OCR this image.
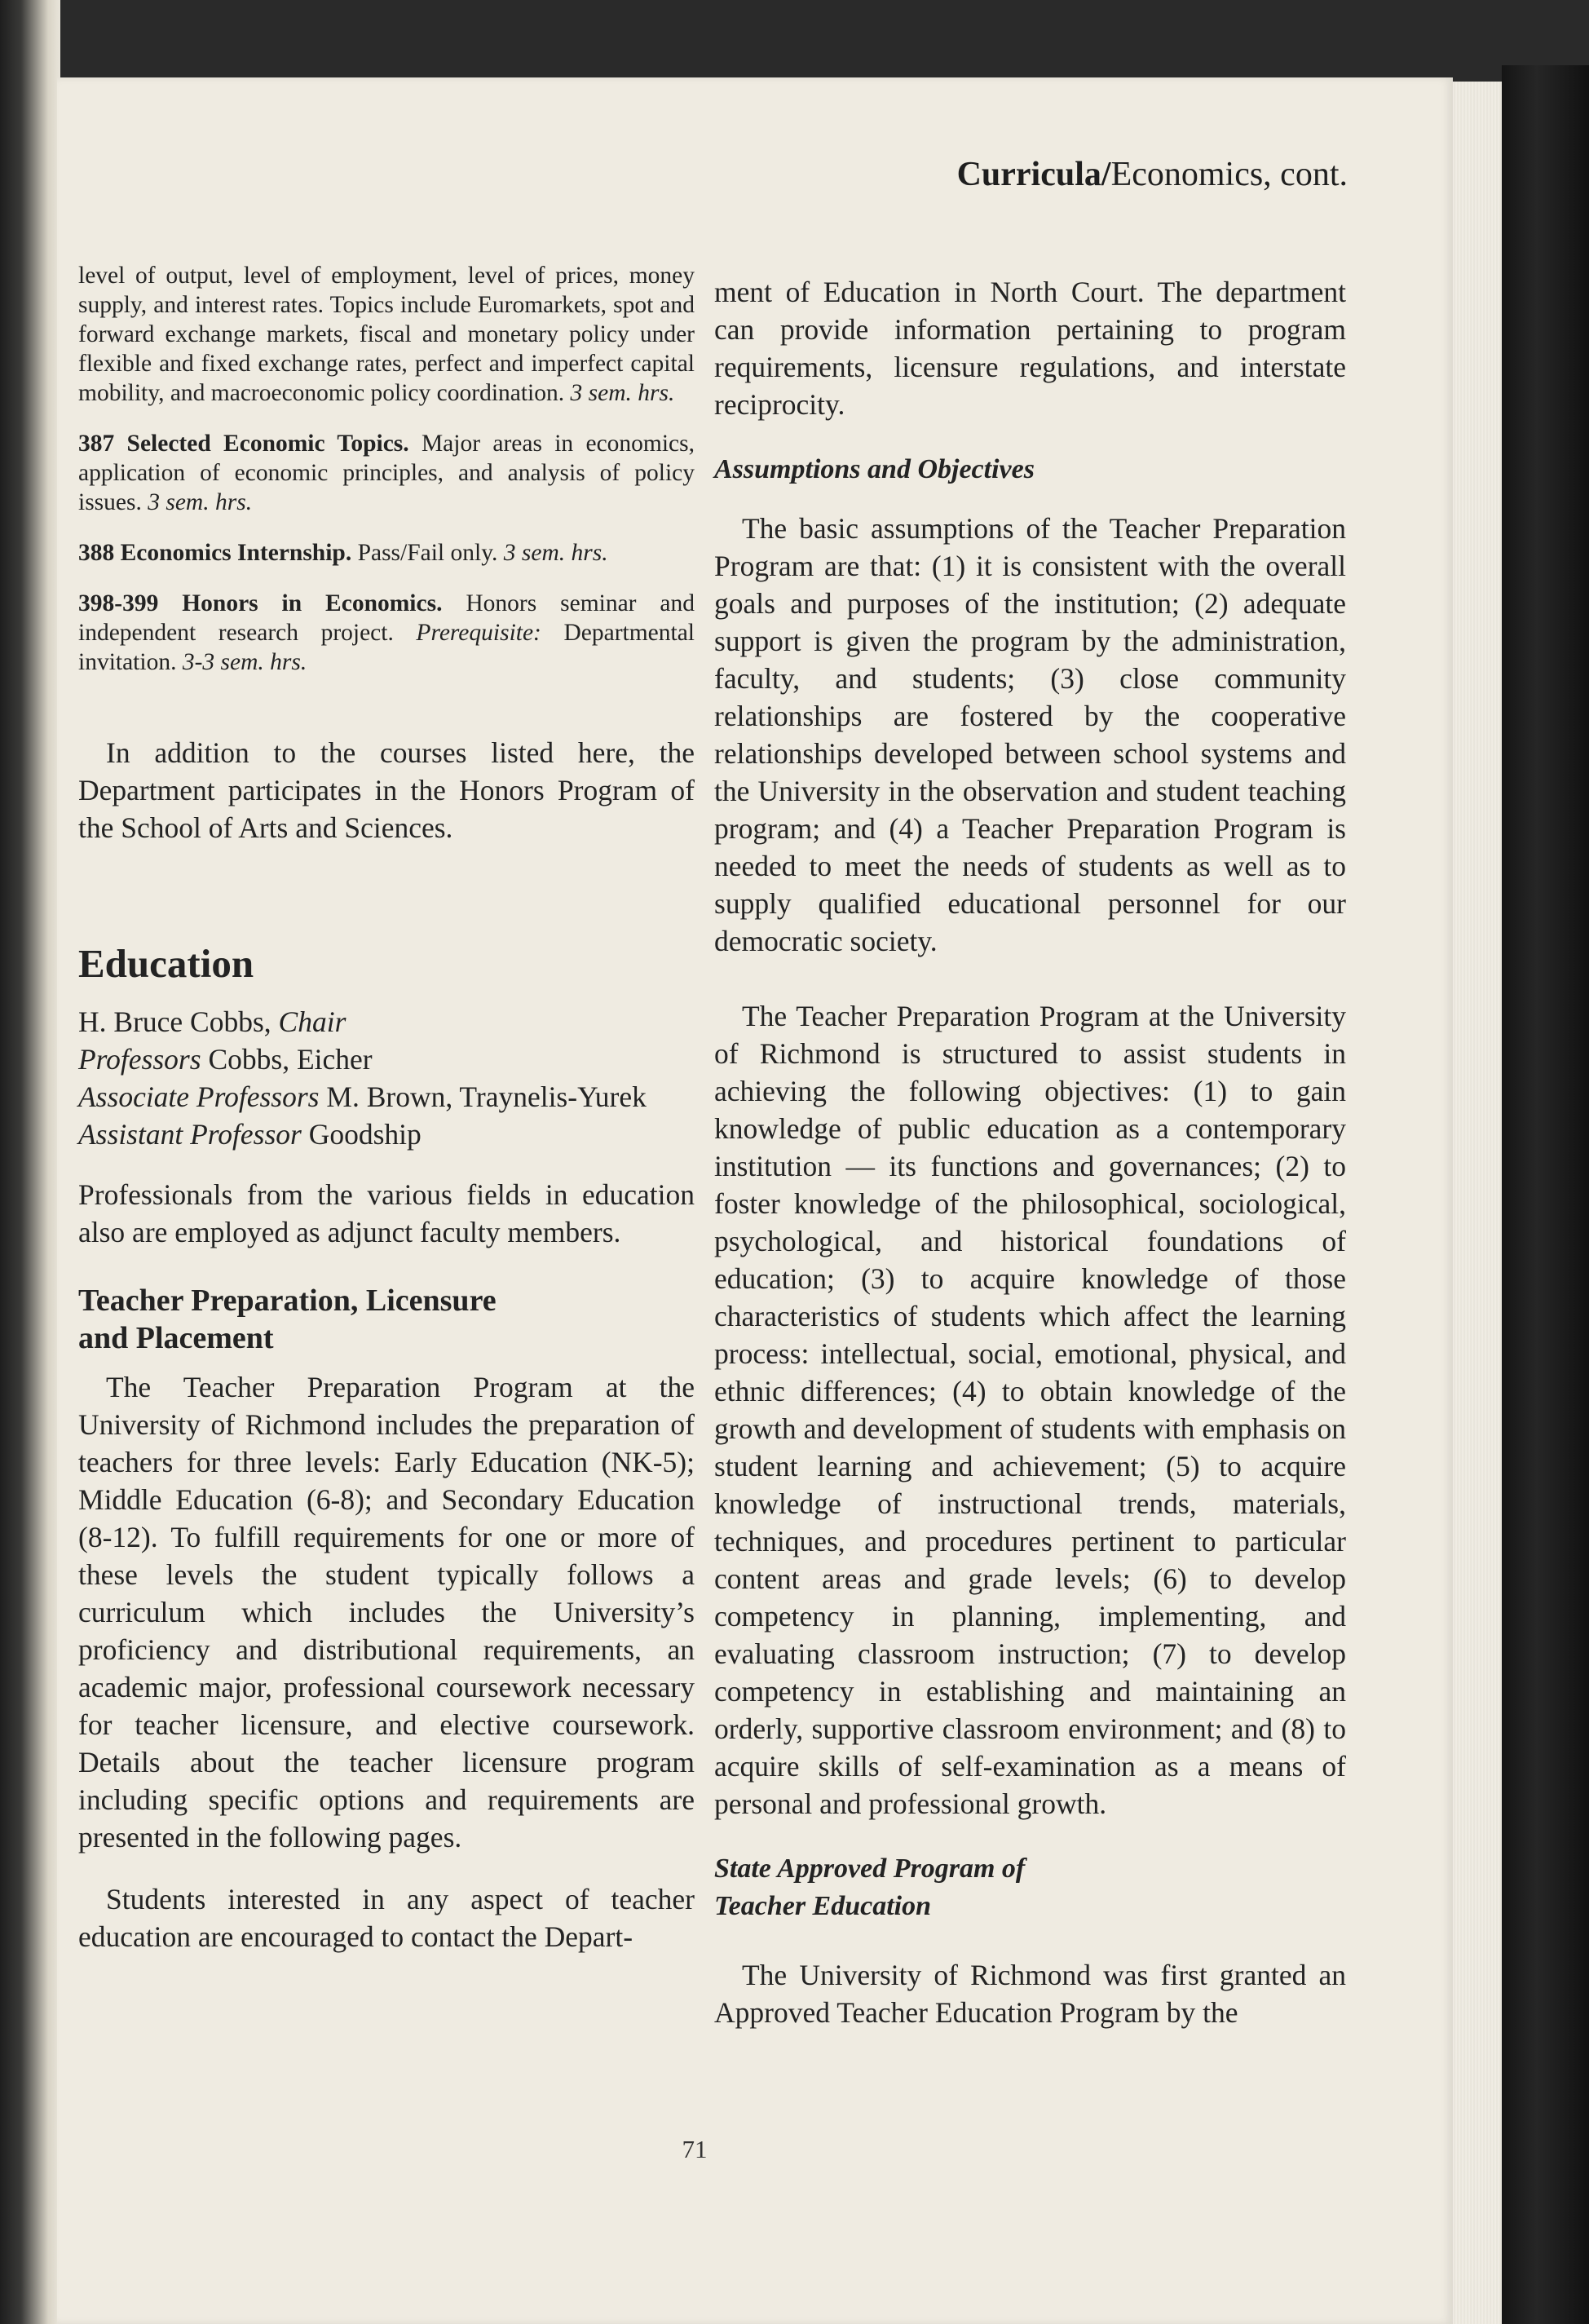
Curricula/Economics, cont.

level of output, level of employment, level of prices, money supply, and interest rates. Topics include Euromarkets, spot and forward exchange markets, fiscal and monetary policy under flexible and fixed exchange rates, perfect and imperfect capital mobility, and macroeconomic policy coordination. 3 sem. hrs.

387 Selected Economic Topics. Major areas in economics, application of economic principles, and analysis of policy issues. 3 sem. hrs.

388 Economics Internship. Pass/Fail only. 3 sem. hrs.

398-399 Honors in Economics. Honors seminar and independent research project. Prerequisite: Departmental invitation. 3-3 sem. hrs.

In addition to the courses listed here, the Department participates in the Honors Program of the School of Arts and Sciences.

Education

H. Bruce Cobbs, Chair

Professors Cobbs, Eicher

Associate Professors M. Brown, Traynelis-Yurek

Assistant Professor Goodship

Professionals from the various fields in education also are employed as adjunct faculty members.

Teacher Preparation, Licensure
and Placement

The Teacher Preparation Program at the University of Richmond includes the preparation of teachers for three levels: Early Education (NK-5); Middle Education (6-8); and Secondary Education (8-12). To fulfill requirements for one or more of these levels the student typically follows a curriculum which includes the University’s proficiency and distributional requirements, an academic major, professional coursework necessary for teacher licensure, and elective coursework. Details about the teacher licensure program including specific options and requirements are presented in the following pages.

Students interested in any aspect of teacher education are encouraged to contact the Depart-

ment of Education in North Court. The department can provide information pertaining to program requirements, licensure regulations, and interstate reciprocity.

Assumptions and Objectives

The basic assumptions of the Teacher Preparation Program are that: (1) it is consistent with the overall goals and purposes of the institution; (2) adequate support is given the program by the administration, faculty, and students; (3) close community relationships are fostered by the cooperative relationships developed between school systems and the University in the observation and student teaching program; and (4) a Teacher Preparation Program is needed to meet the needs of students as well as to supply qualified educational personnel for our democratic society.

The Teacher Preparation Program at the University of Richmond is structured to assist students in achieving the following objectives: (1) to gain knowledge of public education as a contemporary institution — its functions and governances; (2) to foster knowledge of the philosophical, sociological, psychological, and historical foundations of education; (3) to acquire knowledge of those characteristics of students which affect the learning process: intellectual, social, emotional, physical, and ethnic differences; (4) to obtain knowledge of the growth and development of students with emphasis on student learning and achievement; (5) to acquire knowledge of instructional trends, materials, techniques, and procedures pertinent to particular content areas and grade levels; (6) to develop competency in planning, implementing, and evaluating classroom instruction; (7) to develop competency in establishing and maintaining an orderly, supportive classroom environment; and (8) to acquire skills of self-examination as a means of personal and professional growth.

State Approved Program of
Teacher Education

The University of Richmond was first granted an Approved Teacher Education Program by the

71
